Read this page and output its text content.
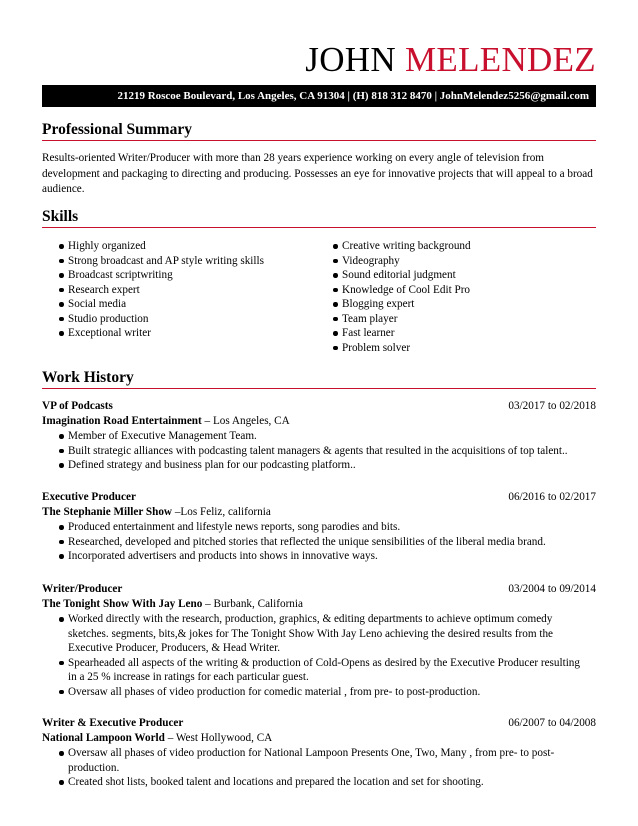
JOHN MELENDEZ
21219 Roscoe Boulevard, Los Angeles, CA 91304 | (H) 818 312 8470 | JohnMelendez5256@gmail.com
Professional Summary
Results-oriented Writer/Producer with more than 28 years experience working on every angle of television from development and packaging to directing and producing. Possesses an eye for innovative projects that will appeal to a broad audience.
Skills
Highly organized
Strong broadcast and AP style writing skills
Broadcast scriptwriting
Research expert
Social media
Studio production
Exceptional writer
Creative writing background
Videography
Sound editorial judgment
Knowledge of Cool Edit Pro
Blogging expert
Team player
Fast learner
Problem solver
Work History
VP of Podcasts	03/2017 to 02/2018
Imagination Road Entertainment – Los Angeles, CA
Member of Executive Management Team.
Built strategic alliances with podcasting talent managers & agents that resulted in the acquisitions of top talent..
Defined strategy and business plan for our podcasting platform..
Executive Producer	06/2016 to 02/2017
The Stephanie Miller Show –Los Feliz, california
Produced entertainment and lifestyle news reports, song parodies and bits.
Researched, developed and pitched stories that reflected the unique sensibilities of the liberal media brand.
Incorporated advertisers and products into shows in innovative ways.
Writer/Producer	03/2004 to 09/2014
The Tonight Show With Jay Leno – Burbank, California
Worked directly with the research, production, graphics, & editing departments to achieve optimum comedy sketches. segments, bits,& jokes for The Tonight Show With Jay Leno achieving the desired results from the Executive Producer, Producers, & Head Writer.
Spearheaded all aspects of the writing & production of Cold-Opens as desired by the Executive Producer resulting in a 25 % increase in ratings for each particular guest.
Oversaw all phases of video production for comedic material , from pre- to post-production.
Writer & Executive Producer	06/2007 to 04/2008
National Lampoon World – West Hollywood, CA
Oversaw all phases of video production for National Lampoon Presents One, Two, Many , from pre- to post-production.
Created shot lists, booked talent and locations and prepared the location and set for shooting.
